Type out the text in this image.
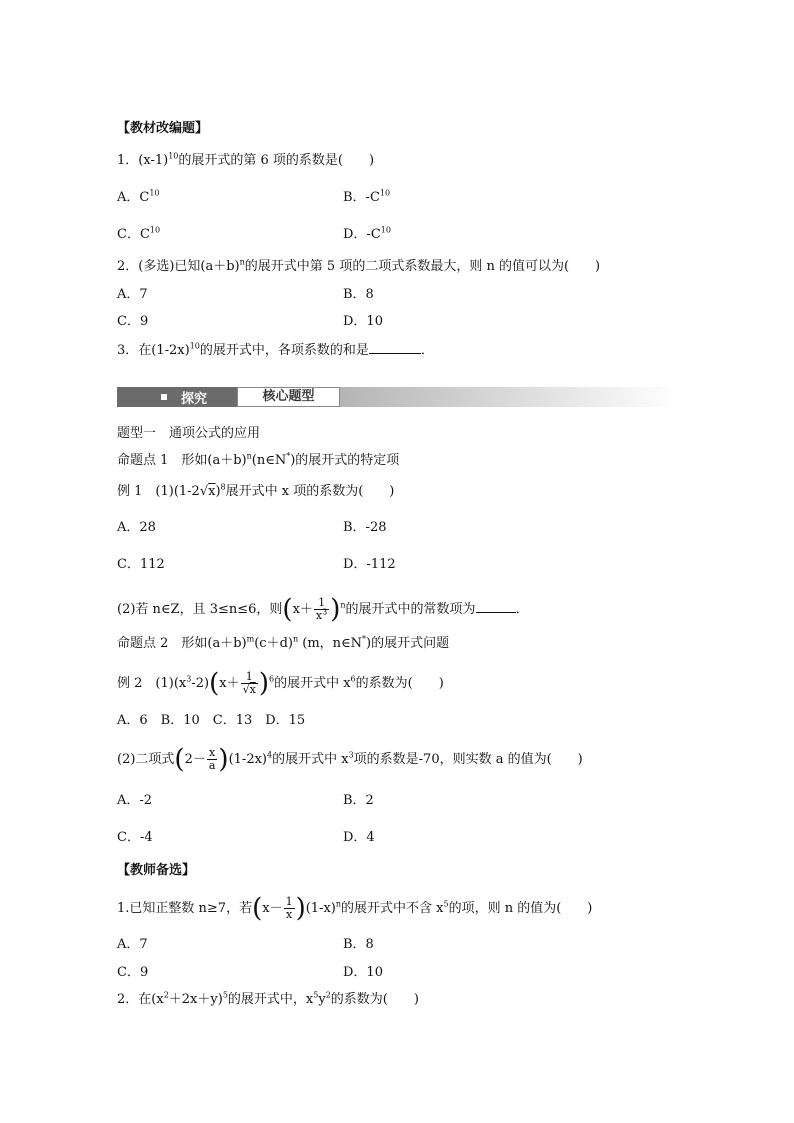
【教材改编题】
1．$(x-1)^{10}$的展开式的第 6 项的系数是(　　)
A．$C^{10}$	B．$-C^{10}$
C．$C^{10}$	D．$-C^{10}$
2．(多选)已知$(a+b)^n$的展开式中第 5 项的二项式系数最大，则 n 的值可以为(　　)
A．7	B．8
C．9	D．10
3．在$(1-2x)^{10}$的展开式中，各项系数的和是	．
探究	核心题型
题型一　通项公式的应用
命题点 1　形如$(a+b)^n(n\in N^*)$的展开式的特定项
例 1　$(1)(1-2√x)^8$展开式中 x 项的系数为(　　)
A．28	B．-28
C．112	D．-112
(2)若 n∈Z，且 3≤n≤6，则$(x+ \frac{1}{x^3} )^n$的展开式中的常数项为	．
命题点 2　形如$(a+b)^m(c+d)^n$ (m，n∈N*)的展开式问题
例 2　$(1)(x^3-2)(x+ \frac{1}{√x} )^6$的展开式中 $x^6$的系数为(　　)
A．6　B．10　C．13　D．15
(2)二项式$(2- \frac{x}{a} )(1-2x)^4$的展开式中 $x^3$项的系数是-70，则实数 a 的值为(　　)
A．-2	B．2
C．-4	D．4
【教师备选】
1.已知正整数 n≥7，若$(x- \frac{1}{x} )(1-x)^n$的展开式中不含 $x^5$的项，则 n 的值为(　　)
A．7	B．8
C．9	D．10
2．在$(x^2+2x+y)^5$的展开式中，$x^5y^2$的系数为(　　)
